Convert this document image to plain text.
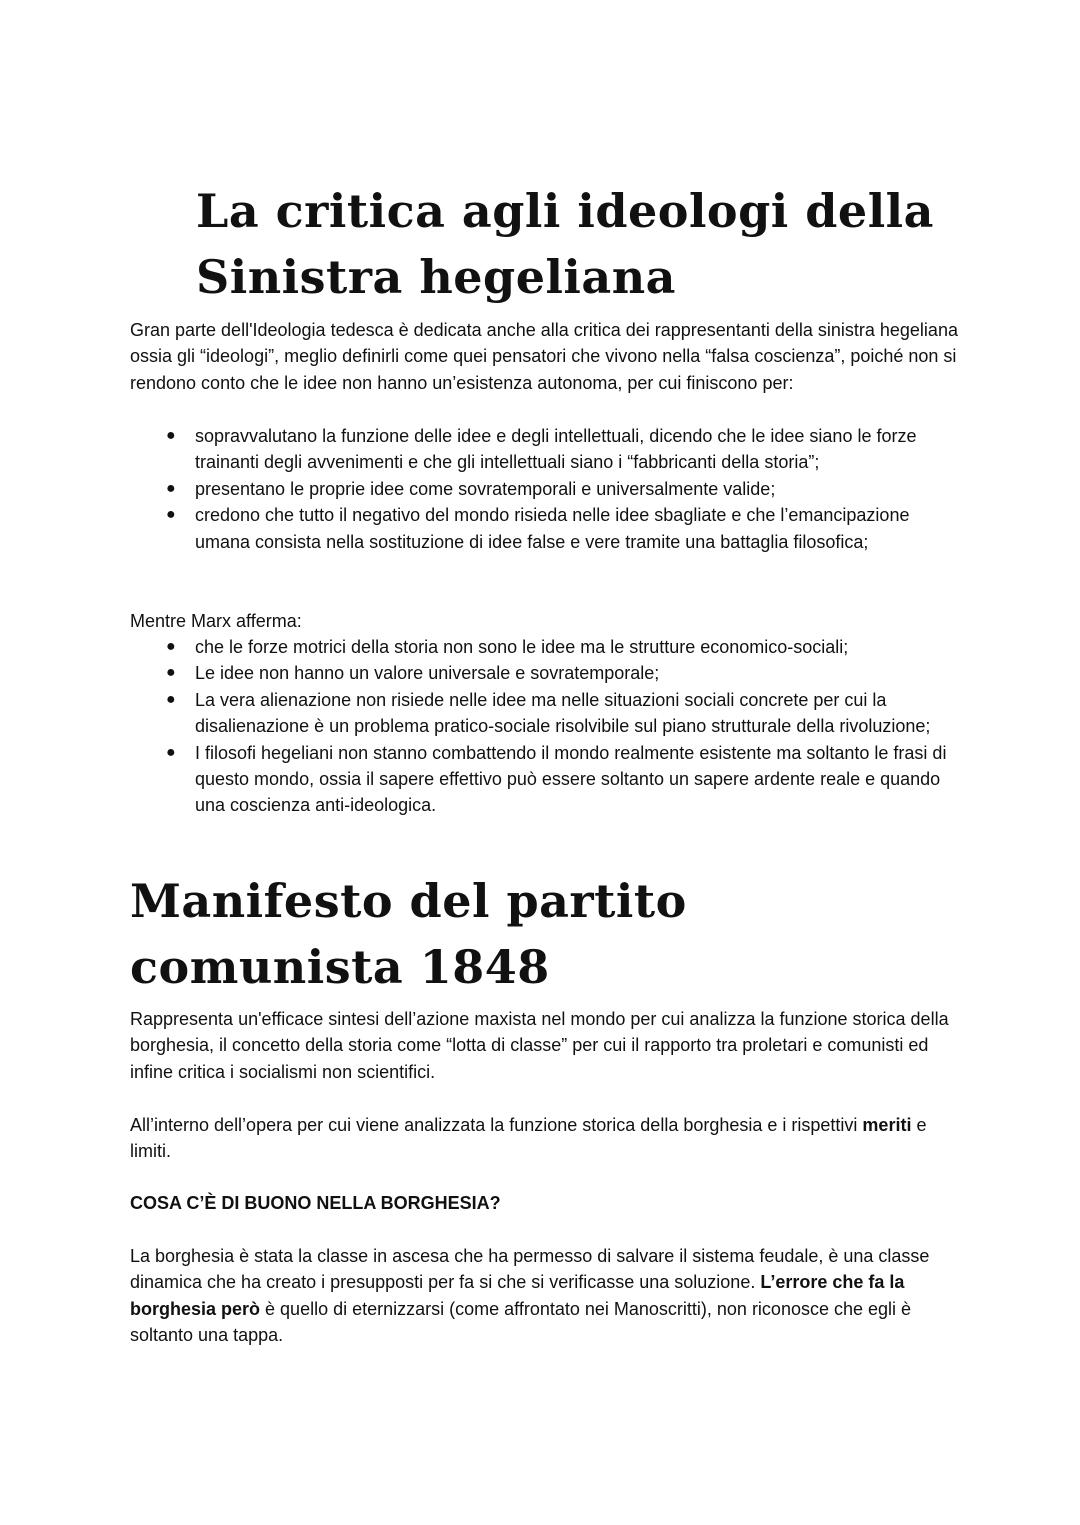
La critica agli ideologi della Sinistra hegeliana

Gran parte dell'Ideologia tedesca è dedicata anche alla critica dei rappresentanti della sinistra hegeliana ossia gli “ideologi”, meglio definirli come quei pensatori che vivono nella “falsa coscienza”, poiché non si rendono conto che le idee non hanno un’esistenza autonoma, per cui finiscono per:

● sopravvalutano la funzione delle idee e degli intellettuali, dicendo che le idee siano le forze trainanti degli avvenimenti e che gli intellettuali siano i “fabbricanti della storia”;
● presentano le proprie idee come sovratemporali e universalmente valide;
● credono che tutto il negativo del mondo risieda nelle idee sbagliate e che l’emancipazione umana consista nella sostituzione di idee false e vere tramite una battaglia filosofica;

Mentre Marx afferma:

● che le forze motrici della storia non sono le idee ma le strutture economico-sociali;
● Le idee non hanno un valore universale e sovratemporale;
● La vera alienazione non risiede nelle idee ma nelle situazioni sociali concrete per cui la disalienazione è un problema pratico-sociale risolvibile sul piano strutturale della rivoluzione;
● I filosofi hegeliani non stanno combattendo il mondo realmente esistente ma soltanto le frasi di questo mondo, ossia il sapere effettivo può essere soltanto un sapere ardente reale e quando una coscienza anti-ideologica.
Manifesto del partito comunista 1848

Rappresenta un'efficace sintesi dell’azione maxista nel mondo per cui analizza la funzione storica della borghesia, il concetto della storia come “lotta di classe” per cui il rapporto tra proletari e comunisti ed infine critica i socialismi non scientifici.

All’interno dell’opera per cui viene analizzata la funzione storica della borghesia e i rispettivi meriti e limiti.

COSA C’È DI BUONO NELLA BORGHESIA?

La borghesia è stata la classe in ascesa che ha permesso di salvare il sistema feudale, è una classe dinamica che ha creato i presupposti per fa si che si verificasse una soluzione. L’errore che fa la borghesia però è quello di eternizzarsi (come affrontato nei Manoscritti), non riconosce che egli è soltanto una tappa.
